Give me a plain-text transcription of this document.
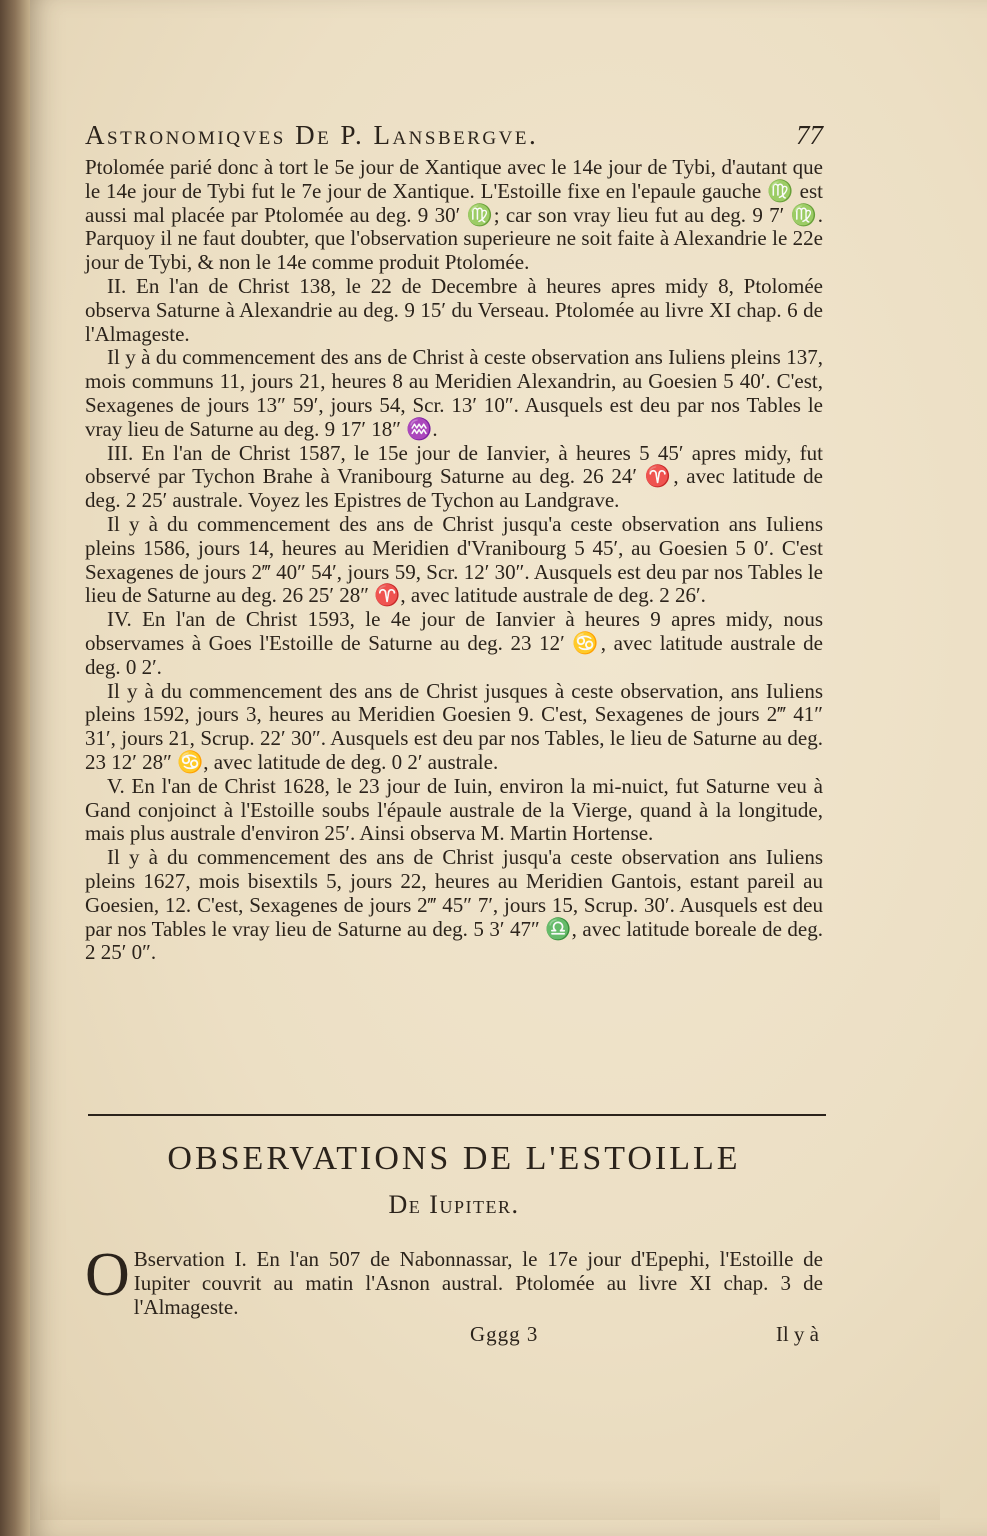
Astronomiqves De P. Lansbergve.	77

Ptolomée parié donc à tort le 5e jour de Xantique avec le 14e jour de Tybi, d'autant que le 14e jour de Tybi fut le 7e jour de Xantique. L'Estoille fixe en l'epaule gauche ♍ est aussi mal placée par Ptolomée au deg. 9 30′ ♍; car son vray lieu fut au deg. 9 7′ ♍. Parquoy il ne faut doubter, que l'observation superieure ne soit faite à Alexandrie le 22e jour de Tybi, & non le 14e comme produit Ptolomée.

II. En l'an de Christ 138, le 22 de Decembre à heures apres midy 8, Ptolomée observa Saturne à Alexandrie au deg. 9 15′ du Verseau. Ptolomée au livre XI chap. 6 de l'Almageste.

Il y à du commencement des ans de Christ à ceste observation ans Iuliens pleins 137, mois communs 11, jours 21, heures 8 au Meridien Alexandrin, au Goesien 5 40′. C'est, Sexagenes de jours 13″ 59′, jours 54, Scr. 13′ 10″. Ausquels est deu par nos Tables le vray lieu de Saturne au deg. 9 17′ 18″ ♒.

III. En l'an de Christ 1587, le 15e jour de Ianvier, à heures 5 45′ apres midy, fut observé par Tychon Brahe à Vranibourg Saturne au deg. 26 24′ ♈, avec latitude de deg. 2 25′ australe. Voyez les Epistres de Tychon au Landgrave.

Il y à du commencement des ans de Christ jusqu'a ceste observation ans Iuliens pleins 1586, jours 14, heures au Meridien d'Vranibourg 5 45′, au Goesien 5 0′. C'est Sexagenes de jours 2‴ 40″ 54′, jours 59, Scr. 12′ 30″. Ausquels est deu par nos Tables le lieu de Saturne au deg. 26 25′ 28″ ♈, avec latitude australe de deg. 2 26′.

IV. En l'an de Christ 1593, le 4e jour de Ianvier à heures 9 apres midy, nous observames à Goes l'Estoille de Saturne au deg. 23 12′ ♋, avec latitude australe de deg. 0 2′.

Il y à du commencement des ans de Christ jusques à ceste observation, ans Iuliens pleins 1592, jours 3, heures au Meridien Goesien 9. C'est, Sexagenes de jours 2‴ 41″ 31′, jours 21, Scrup. 22′ 30″. Ausquels est deu par nos Tables, le lieu de Saturne au deg. 23 12′ 28″ ♋, avec latitude de deg. 0 2′ australe.

V. En l'an de Christ 1628, le 23 jour de Iuin, environ la mi-nuict, fut Saturne veu à Gand conjoinct à l'Estoille soubs l'épaule australe de la Vierge, quand à la longitude, mais plus australe d'environ 25′. Ainsi observa M. Martin Hortense.

Il y à du commencement des ans de Christ jusqu'a ceste observation ans Iuliens pleins 1627, mois bisextils 5, jours 22, heures au Meridien Gantois, estant pareil au Goesien, 12. C'est, Sexagenes de jours 2‴ 45″ 7′, jours 15, Scrup. 30′. Ausquels est deu par nos Tables le vray lieu de Saturne au deg. 5 3′ 47″ ♎, avec latitude boreale de deg. 2 25′ 0″.

OBSERVATIONS DE L'ESTOILLE
De Iupiter.
O Bservation I. En l'an 507 de Nabonnassar, le 17e jour d'Epephi, l'Estoille de Iupiter couvrit au matin l'Asnon austral. Ptolomée au livre XI chap. 3 de l'Almageste.

Gggg 3	Il y à
